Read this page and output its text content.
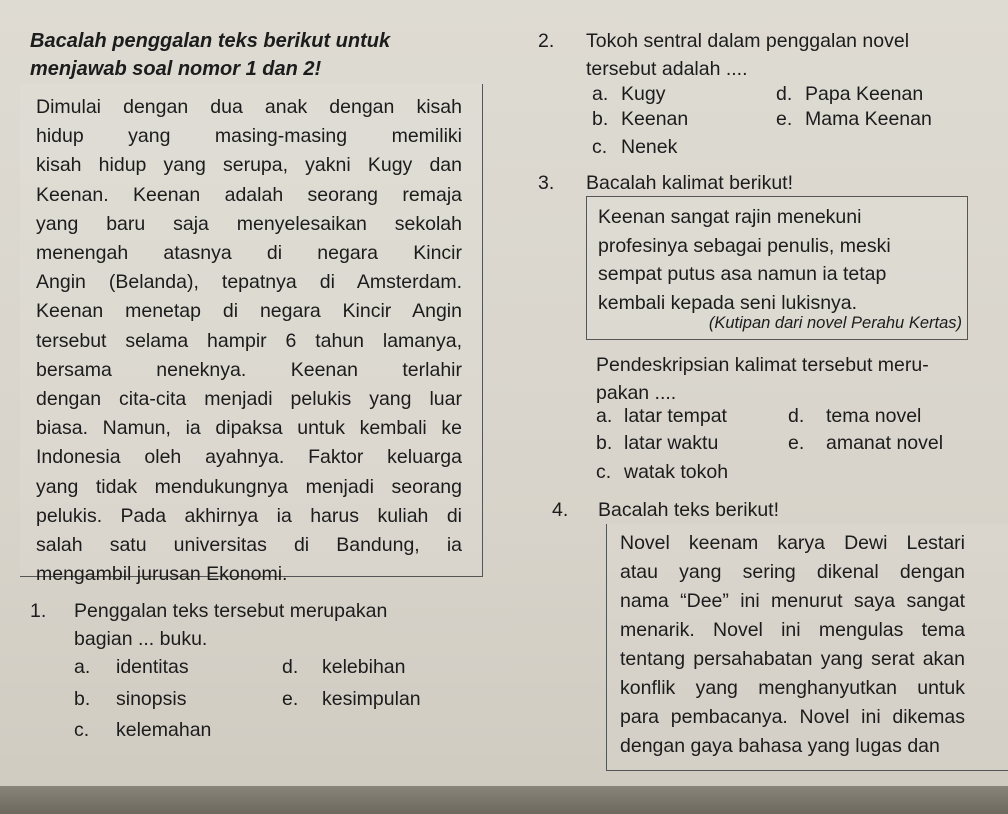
Bacalah penggalan teks berikut untuk
menjawab soal nomor 1 dan 2!
Dimulai dengan dua anak dengan kisah
hidup yang masing-masing memiliki
kisah hidup yang serupa, yakni Kugy dan
Keenan. Keenan adalah seorang remaja
yang baru saja menyelesaikan sekolah
menengah atasnya di negara Kincir
Angin (Belanda), tepatnya di Amsterdam.
Keenan menetap di negara Kincir Angin
tersebut selama hampir 6 tahun lamanya,
bersama neneknya. Keenan terlahir
dengan cita-cita menjadi pelukis yang luar
biasa. Namun, ia dipaksa untuk kembali ke
Indonesia oleh ayahnya. Faktor keluarga
yang tidak mendukungnya menjadi seorang
pelukis. Pada akhirnya ia harus kuliah di
salah satu universitas di Bandung, ia
mengambil jurusan Ekonomi.
1. Penggalan teks tersebut merupakan
bagian ... buku.
a. identitas
b. sinopsis
c. kelemahan
d. kelebihan
e. kesimpulan
2. Tokoh sentral dalam penggalan novel
tersebut adalah ....
a. Kugy
b. Keenan
c. Nenek
d. Papa Keenan
e. Mama Keenan
3. Bacalah kalimat berikut!
Keenan sangat rajin menekuni
profesinya sebagai penulis, meski
sempat putus asa namun ia tetap
kembali kepada seni lukisnya.
(Kutipan dari novel Perahu Kertas)
Pendeskripsian kalimat tersebut meru-
pakan ....
a. latar tempat
b. latar waktu
c. watak tokoh
d. tema novel
e. amanat novel
4. Bacalah teks berikut!
Novel keenam karya Dewi Lestari
atau yang sering dikenal dengan
nama “Dee” ini menurut saya sangat
menarik. Novel ini mengulas tema
tentang persahabatan yang serat akan
konflik yang menghanyutkan untuk
para pembacanya. Novel ini dikemas
dengan gaya bahasa yang lugas dan
